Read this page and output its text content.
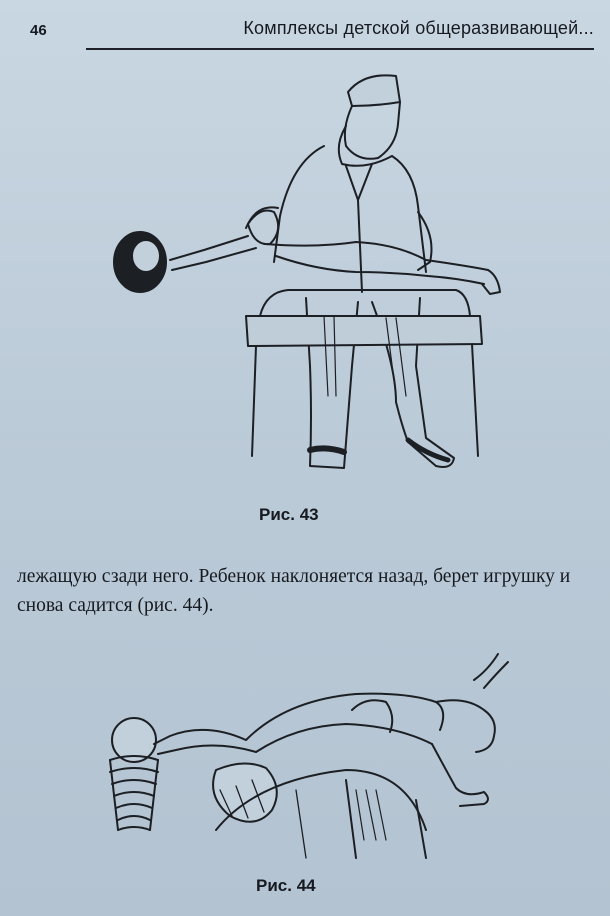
46	Комплексы детской общеразвивающей...
Рис. 43

лежащую сзади него. Ребенок наклоняется назад, берет игрушку и снова садится (рис. 44).

Рис. 44
